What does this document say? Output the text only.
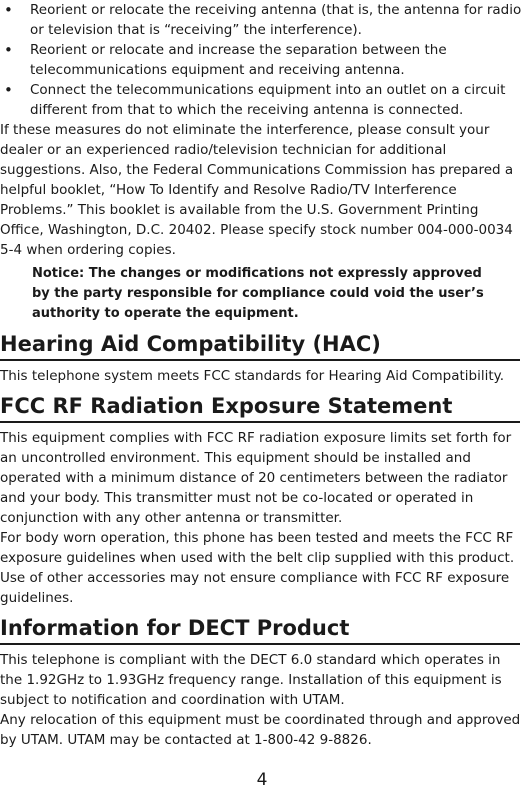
• Reorient or relocate the receiving antenna (that is, the antenna for radio or television that is “receiving” the interference).
• Reorient or relocate and increase the separation between the telecommunications equipment and receiving antenna.
• Connect the telecommunications equipment into an outlet on a circuit different from that to which the receiving antenna is connected.

If these measures do not eliminate the interference, please consult your dealer or an experienced radio/television technician for additional suggestions. Also, the Federal Communications Commission has prepared a helpful booklet, “How To Identify and Resolve Radio/TV Interference Problems.” This booklet is available from the U.S. Government Printing Office, Washington, D.C. 20402. Please specify stock number 004-000-0034 5-4 when ordering copies.

Notice: The changes or modifications not expressly approved by the party responsible for compliance could void the user’s authority to operate the equipment.

Hearing Aid Compatibility (HAC)

This telephone system meets FCC standards for Hearing Aid Compatibility.

FCC RF Radiation Exposure Statement

This equipment complies with FCC RF radiation exposure limits set forth for an uncontrolled environment. This equipment should be installed and operated with a minimum distance of 20 centimeters between the radiator and your body. This transmitter must not be co-located or operated in conjunction with any other antenna or transmitter.

For body worn operation, this phone has been tested and meets the FCC RF exposure guidelines when used with the belt clip supplied with this product. Use of other accessories may not ensure compliance with FCC RF exposure guidelines.

Information for DECT Product

This telephone is compliant with the DECT 6.0 standard which operates in the 1.92GHz to 1.93GHz frequency range. Installation of this equipment is subject to notification and coordination with UTAM.

Any relocation of this equipment must be coordinated through and approved by UTAM. UTAM may be contacted at 1-800-42 9-8826.

4
